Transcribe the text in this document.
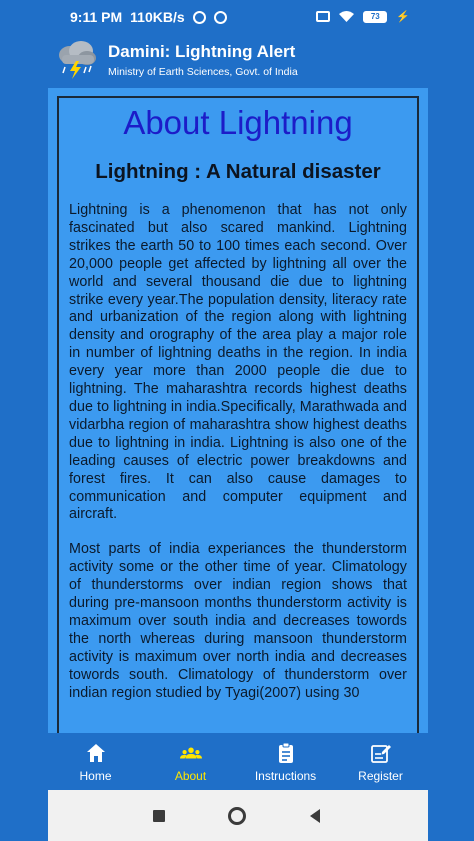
9:11 PM 110KB/s	73	⚡
Damini: Lightning Alert
Ministry of Earth Sciences, Govt. of India
About Lightning
Lightning : A Natural disaster

Lightning is a phenomenon that has not only fascinated but also scared mankind. Lightning strikes the earth 50 to 100 times each second. Over 20,000 people get affected by lightning all over the world and several thousand die due to lightning strike every year.The population density, literacy rate and urbanization of the region along with lightning density and orography of the area play a major role in number of lightning deaths in the region. In india every year more than 2000 people die due to lightning. The maharashtra records highest deaths due to lightning in india.Specifically, Marathwada and vidarbha region of maharashtra show highest deaths due to lightning in india. Lightning is also one of the leading causes of electric power breakdowns and forest fires. It can also cause damages to communication and computer equipment and aircraft.

Most parts of india experiances the thunderstorm activity some or the other time of year. Climatology of thunderstorms over indian region shows that during pre-mansoon months thunderstorm activity is maximum over south india and decreases towords the north whereas during mansoon thunderstorm activity is maximum over north india and decreases towords south. Climatology of thunderstorm over indian region studied by Tyagi(2007) using 30

Home	About	Instructions	Register
